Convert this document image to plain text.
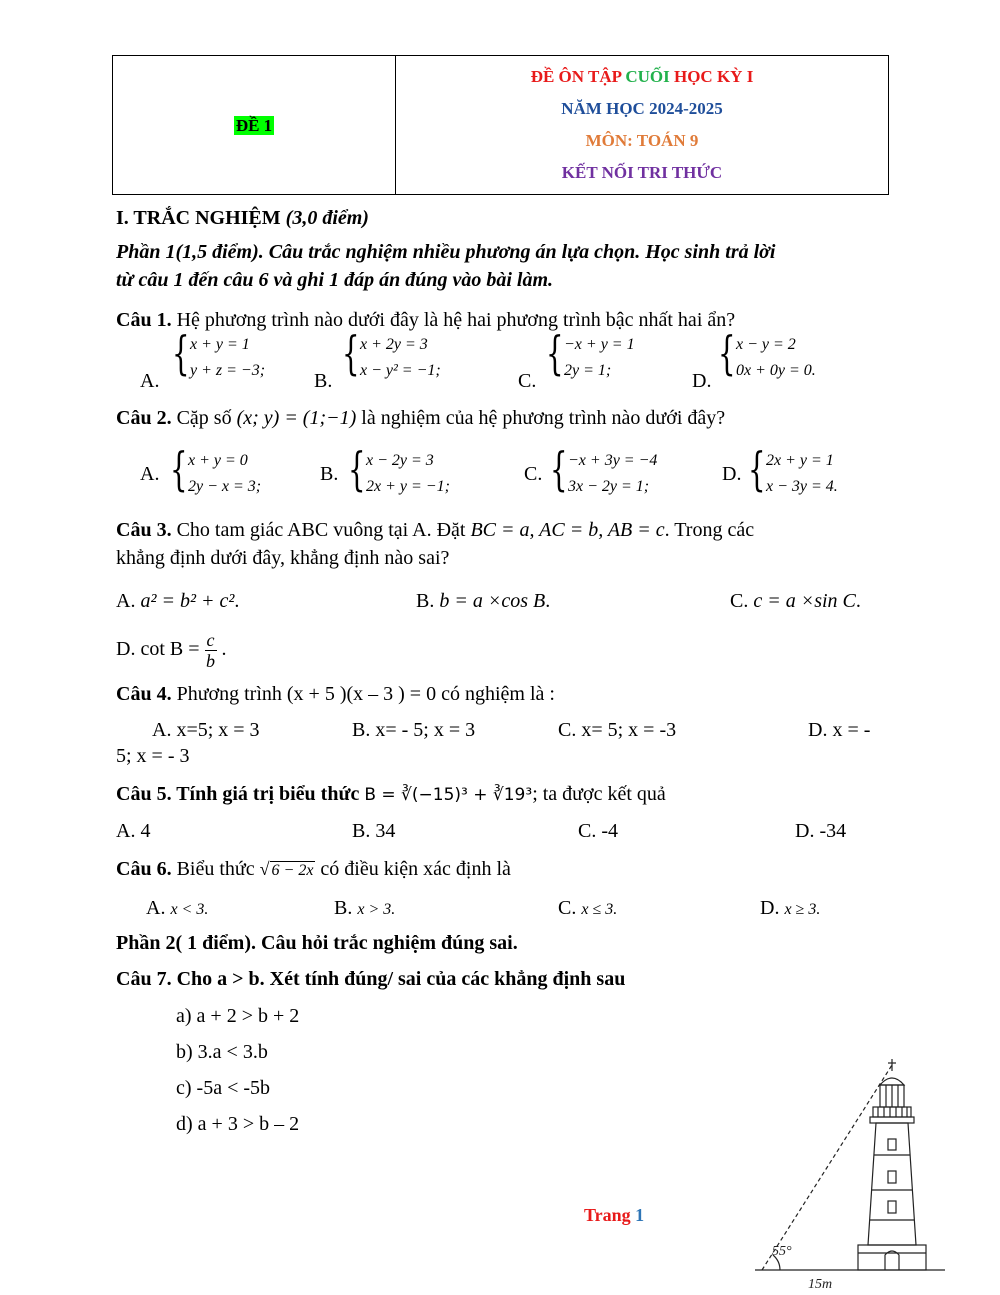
ĐỀ 1	
ĐỀ ÔN TẬP CUỐI HỌC KỲ I
NĂM HỌC 2024-2025
MÔN: TOÁN 9
KẾT NỐI TRI THỨC
I. TRẮC NGHIỆM (3,0 điểm)
Phần 1(1,5 điểm). Câu trắc nghiệm nhiều phương án lựa chọn. Học sinh trả lời
từ câu 1 đến câu 6 và ghi 1 đáp án đúng vào bài làm.
Câu 1. Hệ phương trình nào dưới đây là hệ hai phương trình bậc nhất hai ẩn?
A.
{ x + y = 1
y + z = −3; B.
{ x + 2y = 3
x − y² = −1;	C.
{ −x + y = 1
2y = 1;	D.
{ x − y = 2
0x + 0y = 0.
Câu 2. Cặp số (x; y) = (1;−1) là nghiệm của hệ phương trình nào dưới đây?
A. { x + y = 0
2y − x = 3;
B. { x − 2y = 3
2x + y = −1;
C. { −x + 3y = −4
3x − 2y = 1;
D. { 2x + y = 1
x − 3y = 4.
Câu 3. Cho tam giác ABC vuông tại A. Đặt BC = a, AC = b, AB = c. Trong các
khẳng định dưới đây, khẳng định nào sai?
A. a² = b² + c².	B. b = a ×cos B.	C. c = a ×sin C.
D. $\cot B = \frac{c}{b}$ .
Câu 4. Phương trình (x + 5 )(x – 3 ) = 0 có nghiệm là :
A. x=5; x = 3	B. x= - 5; x = 3	C. x= 5; x = -3	D. x = -
5; x = - 3
Câu 5. Tính giá trị biểu thức B = ∛(−15)³ + ∛19³; ta được kết quả
A. 4	B. 34	C. -4	D. -34
Câu 6. Biểu thức √ 6 − 2x có điều kiện xác định là
A. x < 3.	B. x > 3.	C. x ≤ 3.	D. x ≥ 3.
Phần 2( 1 điểm). Câu hỏi trắc nghiệm đúng sai.
Câu 7. Cho a > b. Xét tính đúng/ sai của các khẳng định sau
a) a + 2 > b + 2
b) 3.a < 3.b
c) -5a < -5b
d) a + 3 > b – 2
Trang 1
55°
15m
